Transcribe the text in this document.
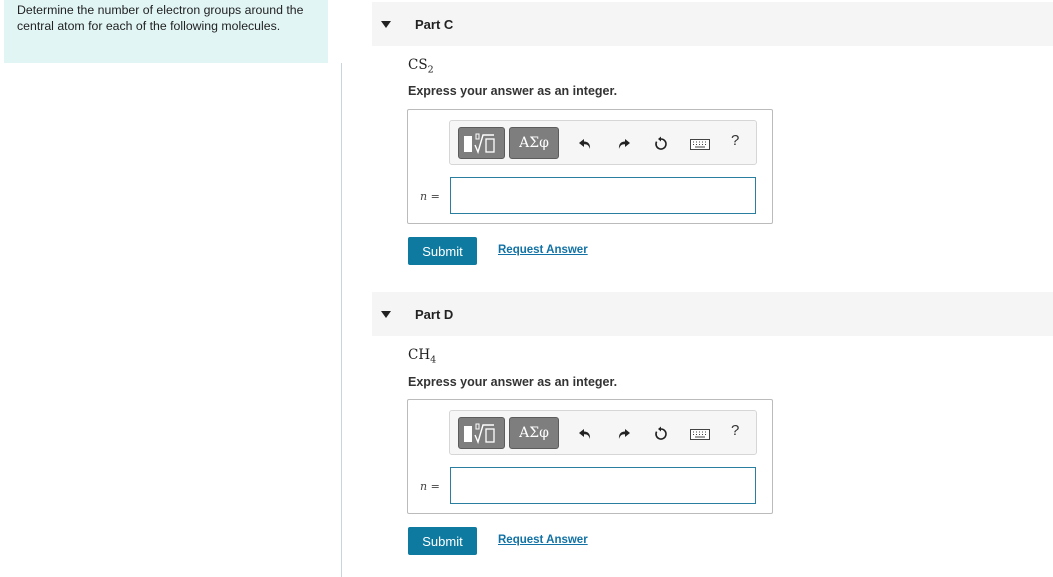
Determine the number of electron groups around the central atom for each of the following molecules.	Part C
$CS_2$
Express your answer as an integer.
ΑΣφ	?
n =
Submit	Request Answer
Part D
$CH_4$
Express your answer as an integer.
ΑΣφ	?
n =
Submit	Request Answer
